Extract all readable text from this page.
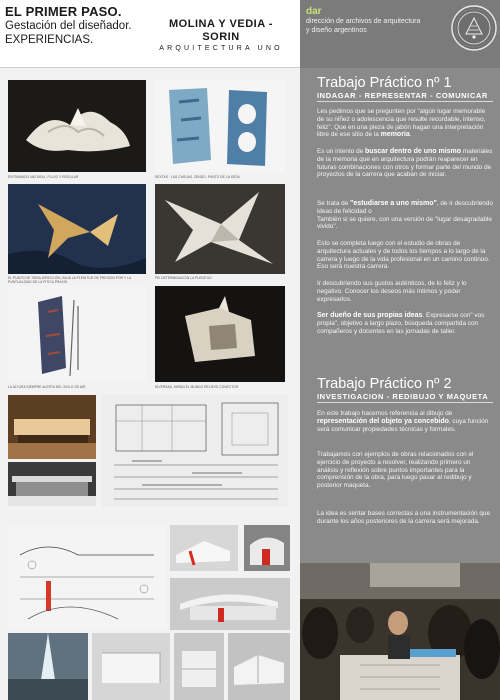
EL PRIMER PASO.
Gestación del diseñador.
EXPERIENCIAS.
MOLINA Y VEDIA - SORIN
ARQUITECTURA UNO
dar
dirección de archivos de arquitectura
y diseño argentinos
ENTRAMADO NATURAL, FLUJO Y REGULAR	SEXTAS · LAS CASUAS. ZENDO. PUNTO DE LA SEDA
EL PUNTO DE TIERA DIRECCIÓN, BAJA LA PLENITUD DE PRESION POR Y LA PUNTUALIDAD DE LA PITICA PRAXIS
FEI DETERMINACIÓN LA PLENITUD
LA ALTURA SIEMPRE ALERTA DEL SIGLO DE AIR	DIVERSAS, MIRAN EL MUNDO RELIEVE CONECTOR
Trabajo Práctico nº 1
INDAGAR - REPRESENTAR - COMUNICAR
Les pedimos que se pregunten por "algún lugar memorable de su niñez o adolescencia que resulte recordable, intenso, feliz". Que en una pieza de jabón hagan una interpretación libre de ese sitio de la memoria.
Es un intento de buscar dentro de uno mismo materiales de la memoria que en arquitectura podrán reaparecer en futuras combinaciones con otros y formar parte del mundo de proyectos de la carrera que acaban de iniciar.
Se trata de "estudiarse a uno mismo", de ir descubriendo ideas de felicidad o
También si se quiere, con una versión de "lugar desagradable vivido".
Esto se completa luego con el estudio de obras de arquitectura actuales y de todos los tiempos a lo largo de la carrera y luego de la vida profesional en un camino continuo. Eso será nuestra carrera.
Ir descubriendo sus gustos auténticos, de lo feliz y lo negativo. Conocer los deseos más íntimos y poder expresarlos.
Ser dueño de sus propias ideas. Expresarse con" vos propia", objetivo a largo plazo, búsqueda compartida con compañeros y docentes en las jornadas de taller.
Trabajo Práctico nº 2
INVESTIGACION - REDIBUJO Y MAQUETA
En este trabajo hacemos referencia al dibujo de representación del objeto ya concebido, cuya función será comunicar propiedades técnicas y formales.
Trabajamos con ejemplos de obras relacionados con el ejercicio de proyecto a resolver, realizando primero un análisis y reflexión sobre puntos importantes para la comprensión de la obra, para luego pasar al redibujo y posterior maqueta.
La idea es sentar bases correctas a una instrumentación que durante los años posteriores de la carrera será mejorada.
